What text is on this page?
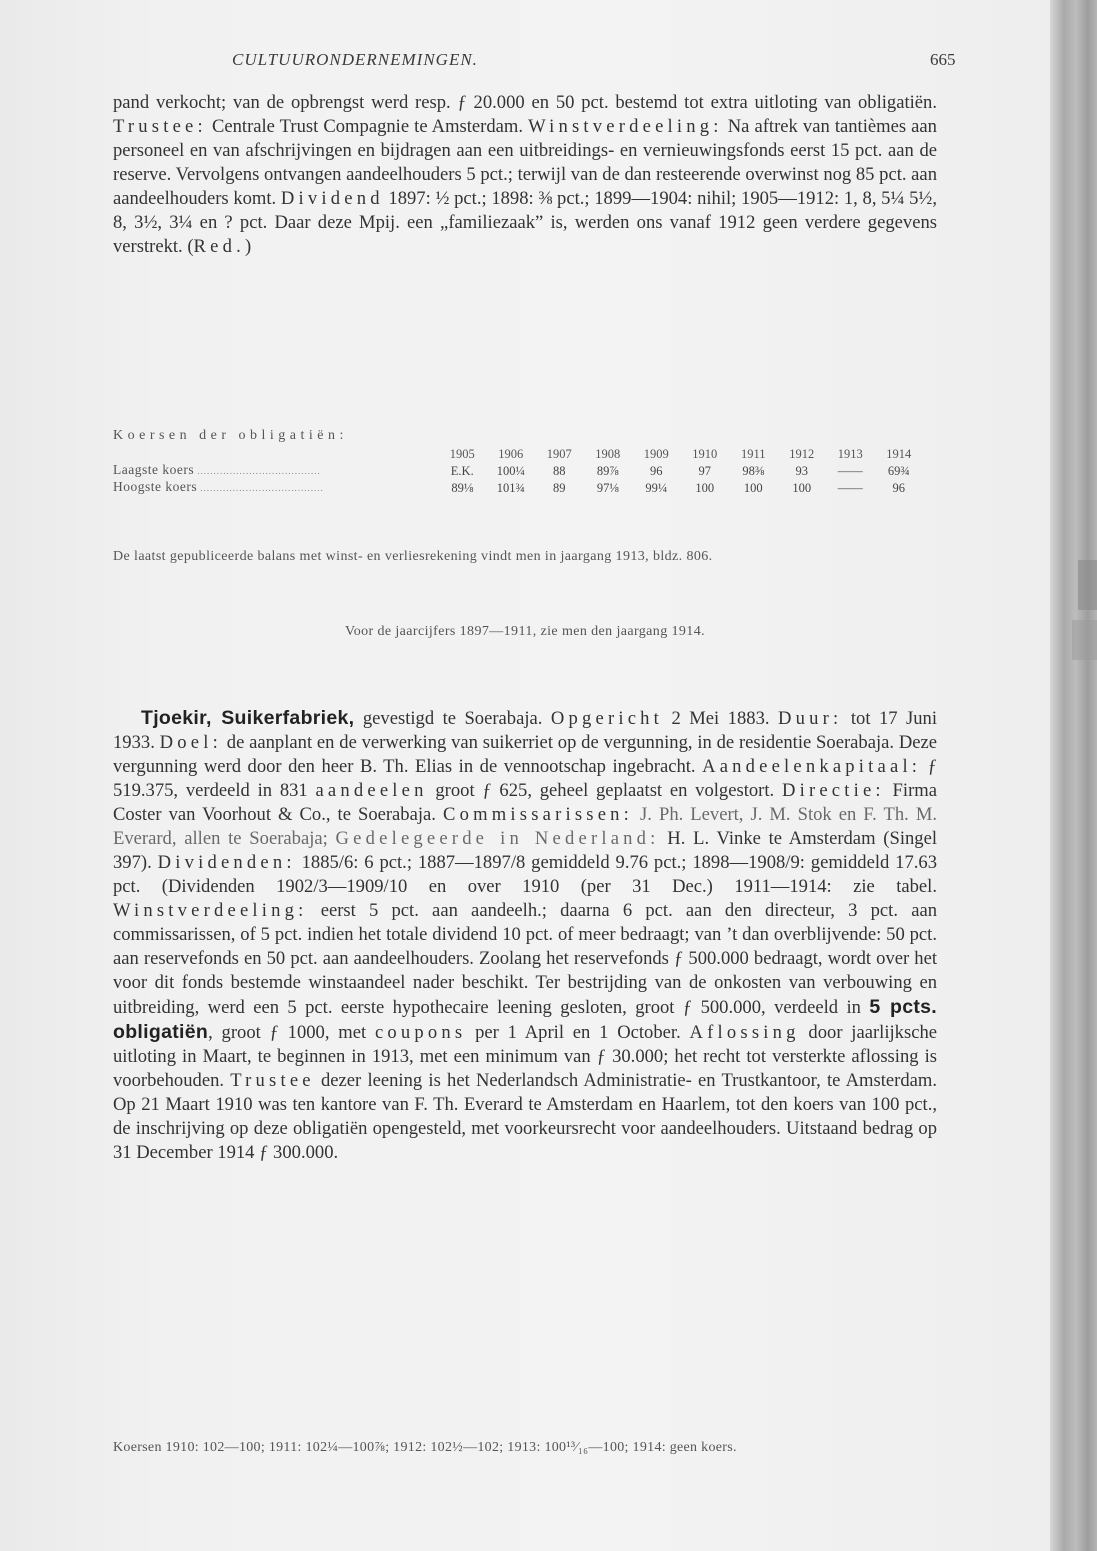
CULTUURONDERNEMINGEN.	665

pand verkocht; van de opbrengst werd resp. ƒ 20.000 en 50 pct. bestemd tot extra uitloting van obligatiën. Trustee: Centrale Trust Compagnie te Amsterdam. Winstverdeeling: Na aftrek van tantièmes aan personeel en van afschrijvingen en bijdragen aan een uitbreidings- en vernieuwingsfonds eerst 15 pct. aan de reserve. Vervolgens ontvangen aandeelhouders 5 pct.; terwijl van de dan resteerende overwinst nog 85 pct. aan aandeelhouders komt. Dividend 1897: ½ pct.; 1898: ⅜ pct.; 1899—1904: nihil; 1905—1912: 1, 8, 5¼ 5½, 8, 3½, 3¼ en ? pct. Daar deze Mpij. een „familiezaak” is, werden ons vanaf 1912 geen verdere gegevens verstrekt. (Red.)

Koersen der obligatiën:
	1905	1906	1907	1908	1909	1910	1911	1912	1913	1914
Laagste koers ......................................	E.K.	100¼	88	89⅞	96	97	98⅜	93	——	69¾
Hoogste koers ......................................	89⅛	101¾	89	97⅛	99¼	100	100	100	——	96
De laatst gepubliceerde balans met winst- en verliesrekening vindt men in jaargang 1913, bldz. 806.
Voor de jaarcijfers 1897—1911, zie men den jaargang 1914.

Tjoekir, Suikerfabriek, gevestigd te Soerabaja. Opgericht 2 Mei 1883. Duur: tot 17 Juni 1933. Doel: de aanplant en de verwerking van suikerriet op de vergunning, in de residentie Soerabaja. Deze vergunning werd door den heer B. Th. Elias in de vennootschap ingebracht. Aandeelenkapitaal: ƒ 519.375, verdeeld in 831 aandeelen groot ƒ 625, geheel geplaatst en volgestort. Directie: Firma Coster van Voorhout & Co., te Soerabaja. Commissarissen: J. Ph. Levert, J. M. Stok en F. Th. M. Everard, allen te Soerabaja; Gedelegeerde in Nederland: H. L. Vinke te Amsterdam (Singel 397). Dividenden: 1885/6: 6 pct.; 1887—1897/8 gemiddeld 9.76 pct.; 1898—1908/9: gemiddeld 17.63 pct. (Dividenden 1902/3—1909/10 en over 1910 (per 31 Dec.) 1911—1914: zie tabel. Winstverdeeling: eerst 5 pct. aan aandeelh.; daarna 6 pct. aan den directeur, 3 pct. aan commissarissen, of 5 pct. indien het totale dividend 10 pct. of meer bedraagt; van ’t dan overblijvende: 50 pct. aan reservefonds en 50 pct. aan aandeelhouders. Zoolang het reservefonds ƒ 500.000 bedraagt, wordt over het voor dit fonds bestemde winstaandeel nader beschikt. Ter bestrijding van de onkosten van verbouwing en uitbreiding, werd een 5 pct. eerste hypothecaire leening gesloten, groot ƒ 500.000, verdeeld in 5 pcts. obligatiën, groot ƒ 1000, met coupons per 1 April en 1 October. Aflossing door jaarlijksche uitloting in Maart, te beginnen in 1913, met een minimum van ƒ 30.000; het recht tot versterkte aflossing is voorbehouden. Trustee dezer leening is het Nederlandsch Administratie- en Trustkantoor, te Amsterdam. Op 21 Maart 1910 was ten kantore van F. Th. Everard te Amsterdam en Haarlem, tot den koers van 100 pct., de inschrijving op deze obligatiën opengesteld, met voorkeursrecht voor aandeelhouders. Uitstaand bedrag op 31 December 1914 ƒ 300.000.

Koersen 1910: 102—100; 1911: 102¼—100⅞; 1912: 102½—102; 1913: 100¹³⁄₁₆—100; 1914: geen koers.
